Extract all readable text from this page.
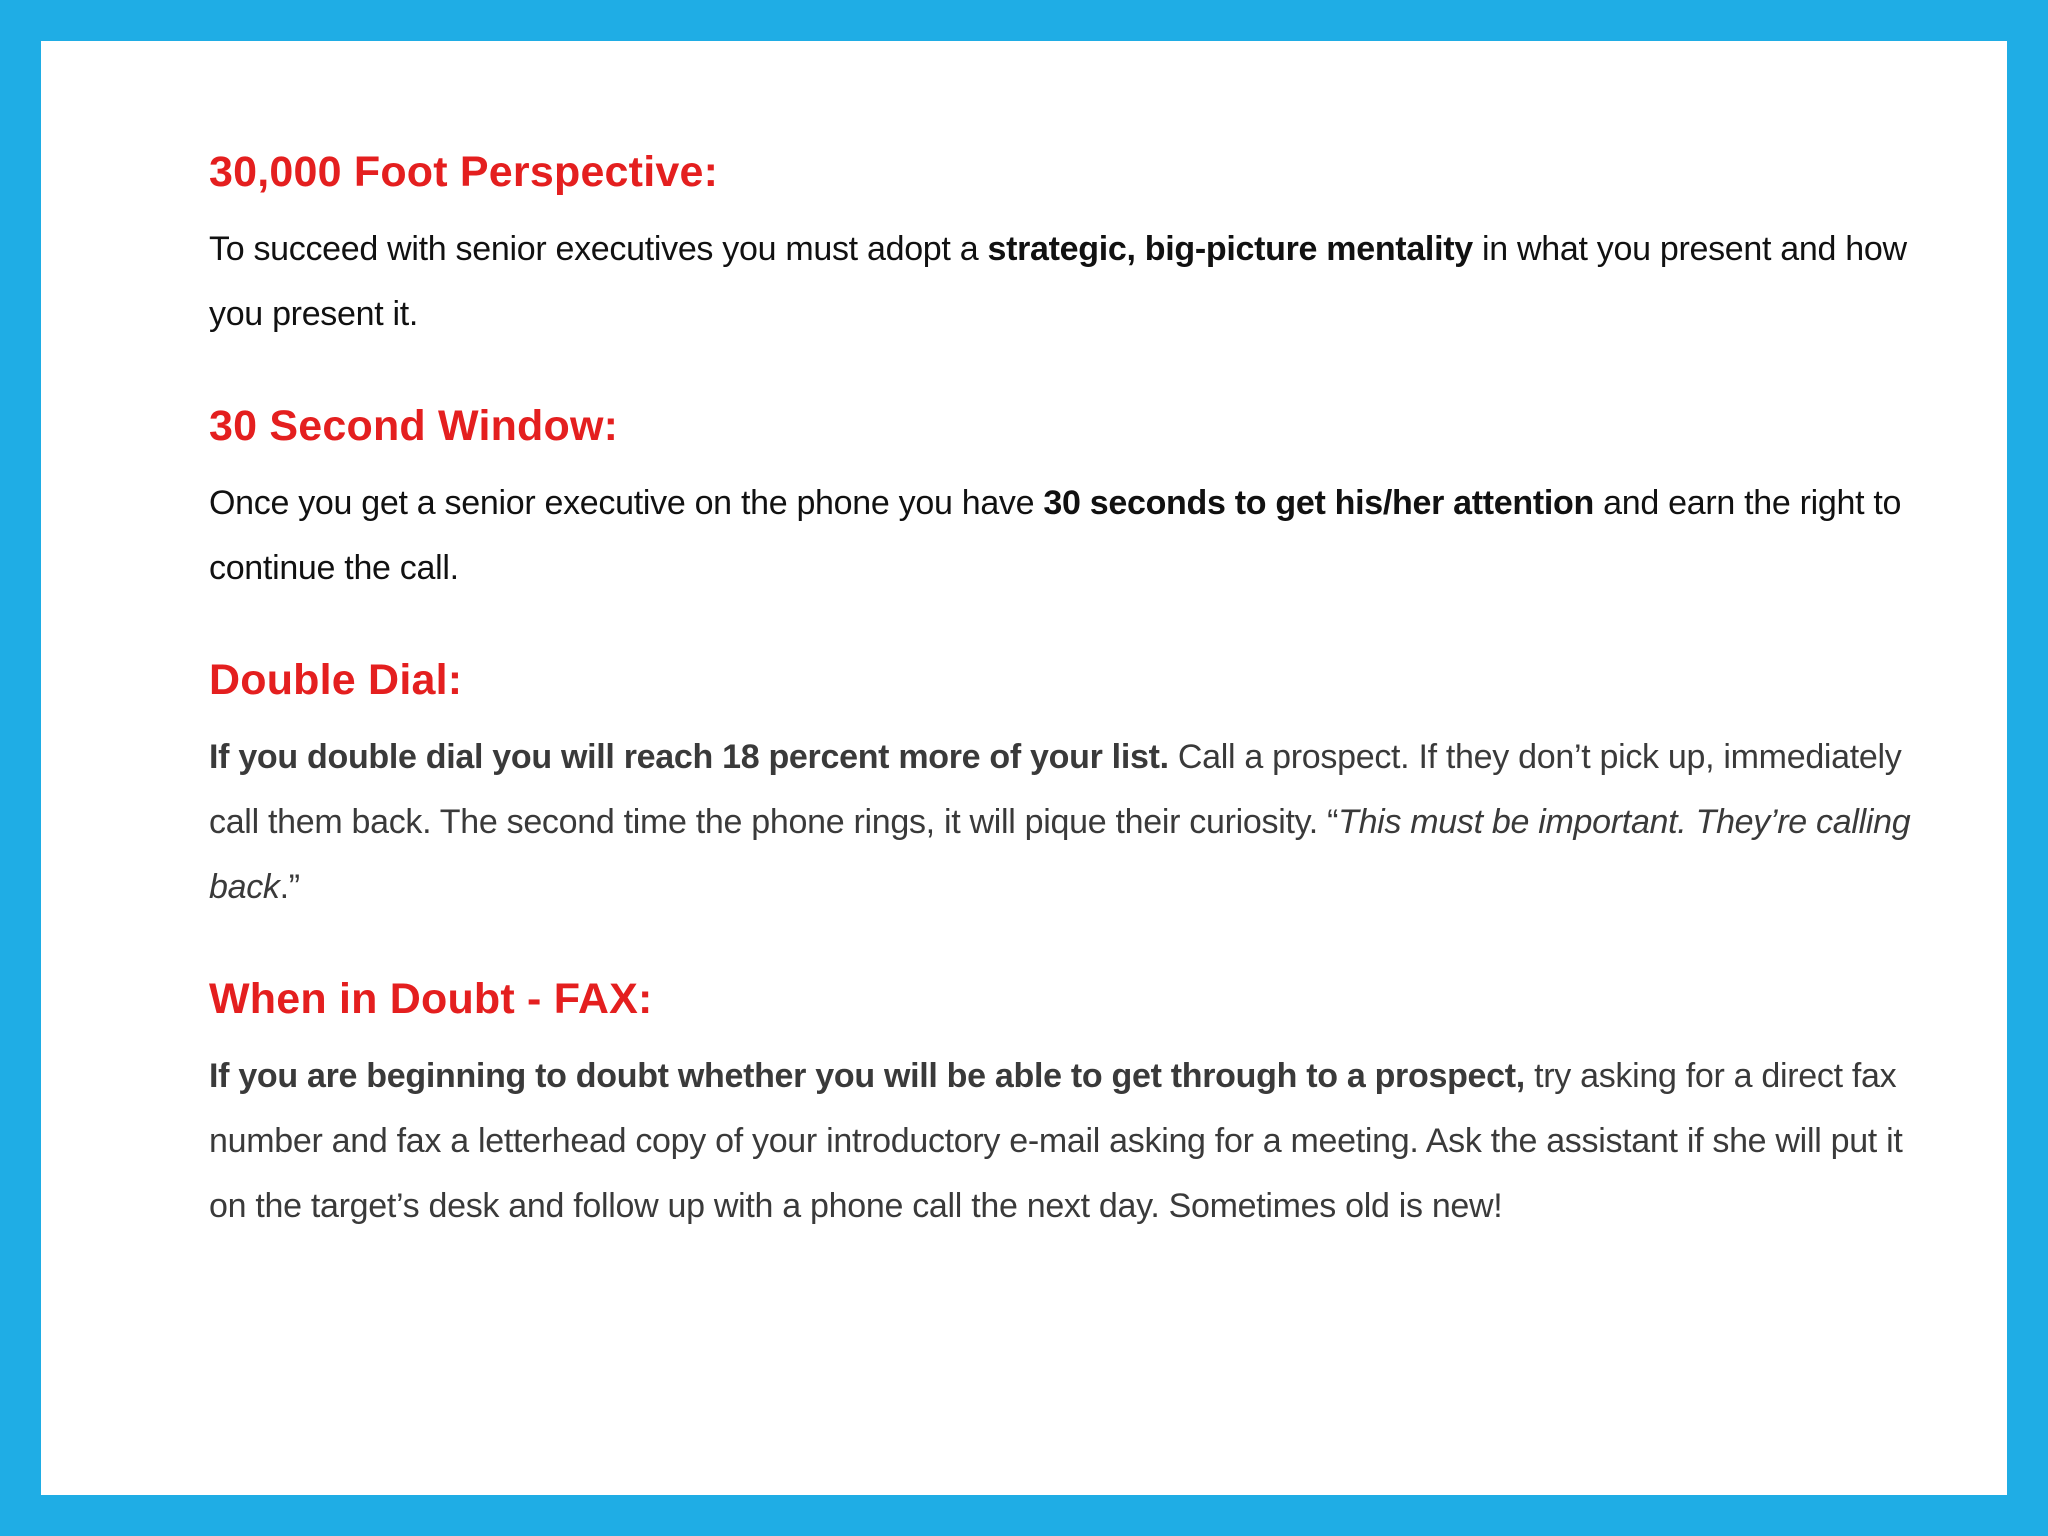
30,000 Foot Perspective:

To succeed with senior executives you must adopt a strategic, big-picture mentality in what you present and how you present it.

30 Second Window:

Once you get a senior executive on the phone you have 30 seconds to get his/her attention and earn the right to continue the call.

Double Dial:

If you double dial you will reach 18 percent more of your list. Call a prospect. If they don’t pick up, immediately call them back. The second time the phone rings, it will pique their curiosity. “This must be important. They’re calling back.”

When in Doubt - FAX:

If you are beginning to doubt whether you will be able to get through to a prospect, try asking for a direct fax number and fax a letterhead copy of your introductory e-mail asking for a meeting. Ask the assistant if she will put it on the target’s desk and follow up with a phone call the next day. Sometimes old is new!
